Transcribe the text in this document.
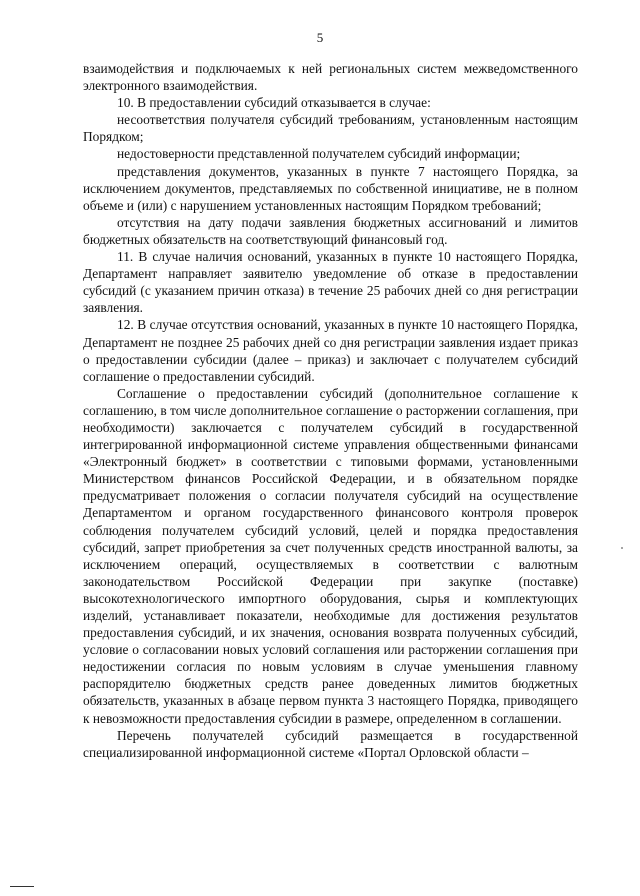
5

взаимодействия и подключаемых к ней региональных систем межведомственного электронного взаимодействия.

10. В предоставлении субсидий отказывается в случае:

несоответствия получателя субсидий требованиям, установленным настоящим Порядком;

недостоверности представленной получателем субсидий информации;

представления документов, указанных в пункте 7 настоящего Порядка, за исключением документов, представляемых по собственной инициативе, не в полном объеме и (или) с нарушением установленных настоящим Порядком требований;

отсутствия на дату подачи заявления бюджетных ассигнований и лимитов бюджетных обязательств на соответствующий финансовый год.

11. В случае наличия оснований, указанных в пункте 10 настоящего Порядка, Департамент направляет заявителю уведомление об отказе в предоставлении субсидий (с указанием причин отказа) в течение 25 рабочих дней со дня регистрации заявления.

12. В случае отсутствия оснований, указанных в пункте 10 настоящего Порядка, Департамент не позднее 25 рабочих дней со дня регистрации заявления издает приказ о предоставлении субсидии (далее – приказ) и заключает с получателем субсидий соглашение о предоставлении субсидий.

Соглашение о предоставлении субсидий (дополнительное соглашение к соглашению, в том числе дополнительное соглашение о расторжении соглашения, при необходимости) заключается с получателем субсидий в государственной интегрированной информационной системе управления общественными финансами «Электронный бюджет» в соответствии с типовыми формами, установленными Министерством финансов Российской Федерации, и в обязательном порядке предусматривает положения о согласии получателя субсидий на осуществление Департаментом и органом государственного финансового контроля проверок соблюдения получателем субсидий условий, целей и порядка предоставления субсидий, запрет приобретения за счет полученных средств иностранной валюты, за исключением операций, осуществляемых в соответствии с валютным законодательством Российской Федерации при закупке (поставке) высокотехнологического импортного оборудования, сырья и комплектующих изделий, устанавливает показатели, необходимые для достижения результатов предоставления субсидий, и их значения, основания возврата полученных субсидий, условие о согласовании новых условий соглашения или расторжении соглашения при недостижении согласия по новым условиям в случае уменьшения главному распорядителю бюджетных средств ранее доведенных лимитов бюджетных обязательств, указанных в абзаце первом пункта 3 настоящего Порядка, приводящего к невозможности предоставления субсидии в размере, определенном в соглашении.

Перечень получателей субсидий размещается в государственной специализированной информационной системе «Портал Орловской области –
